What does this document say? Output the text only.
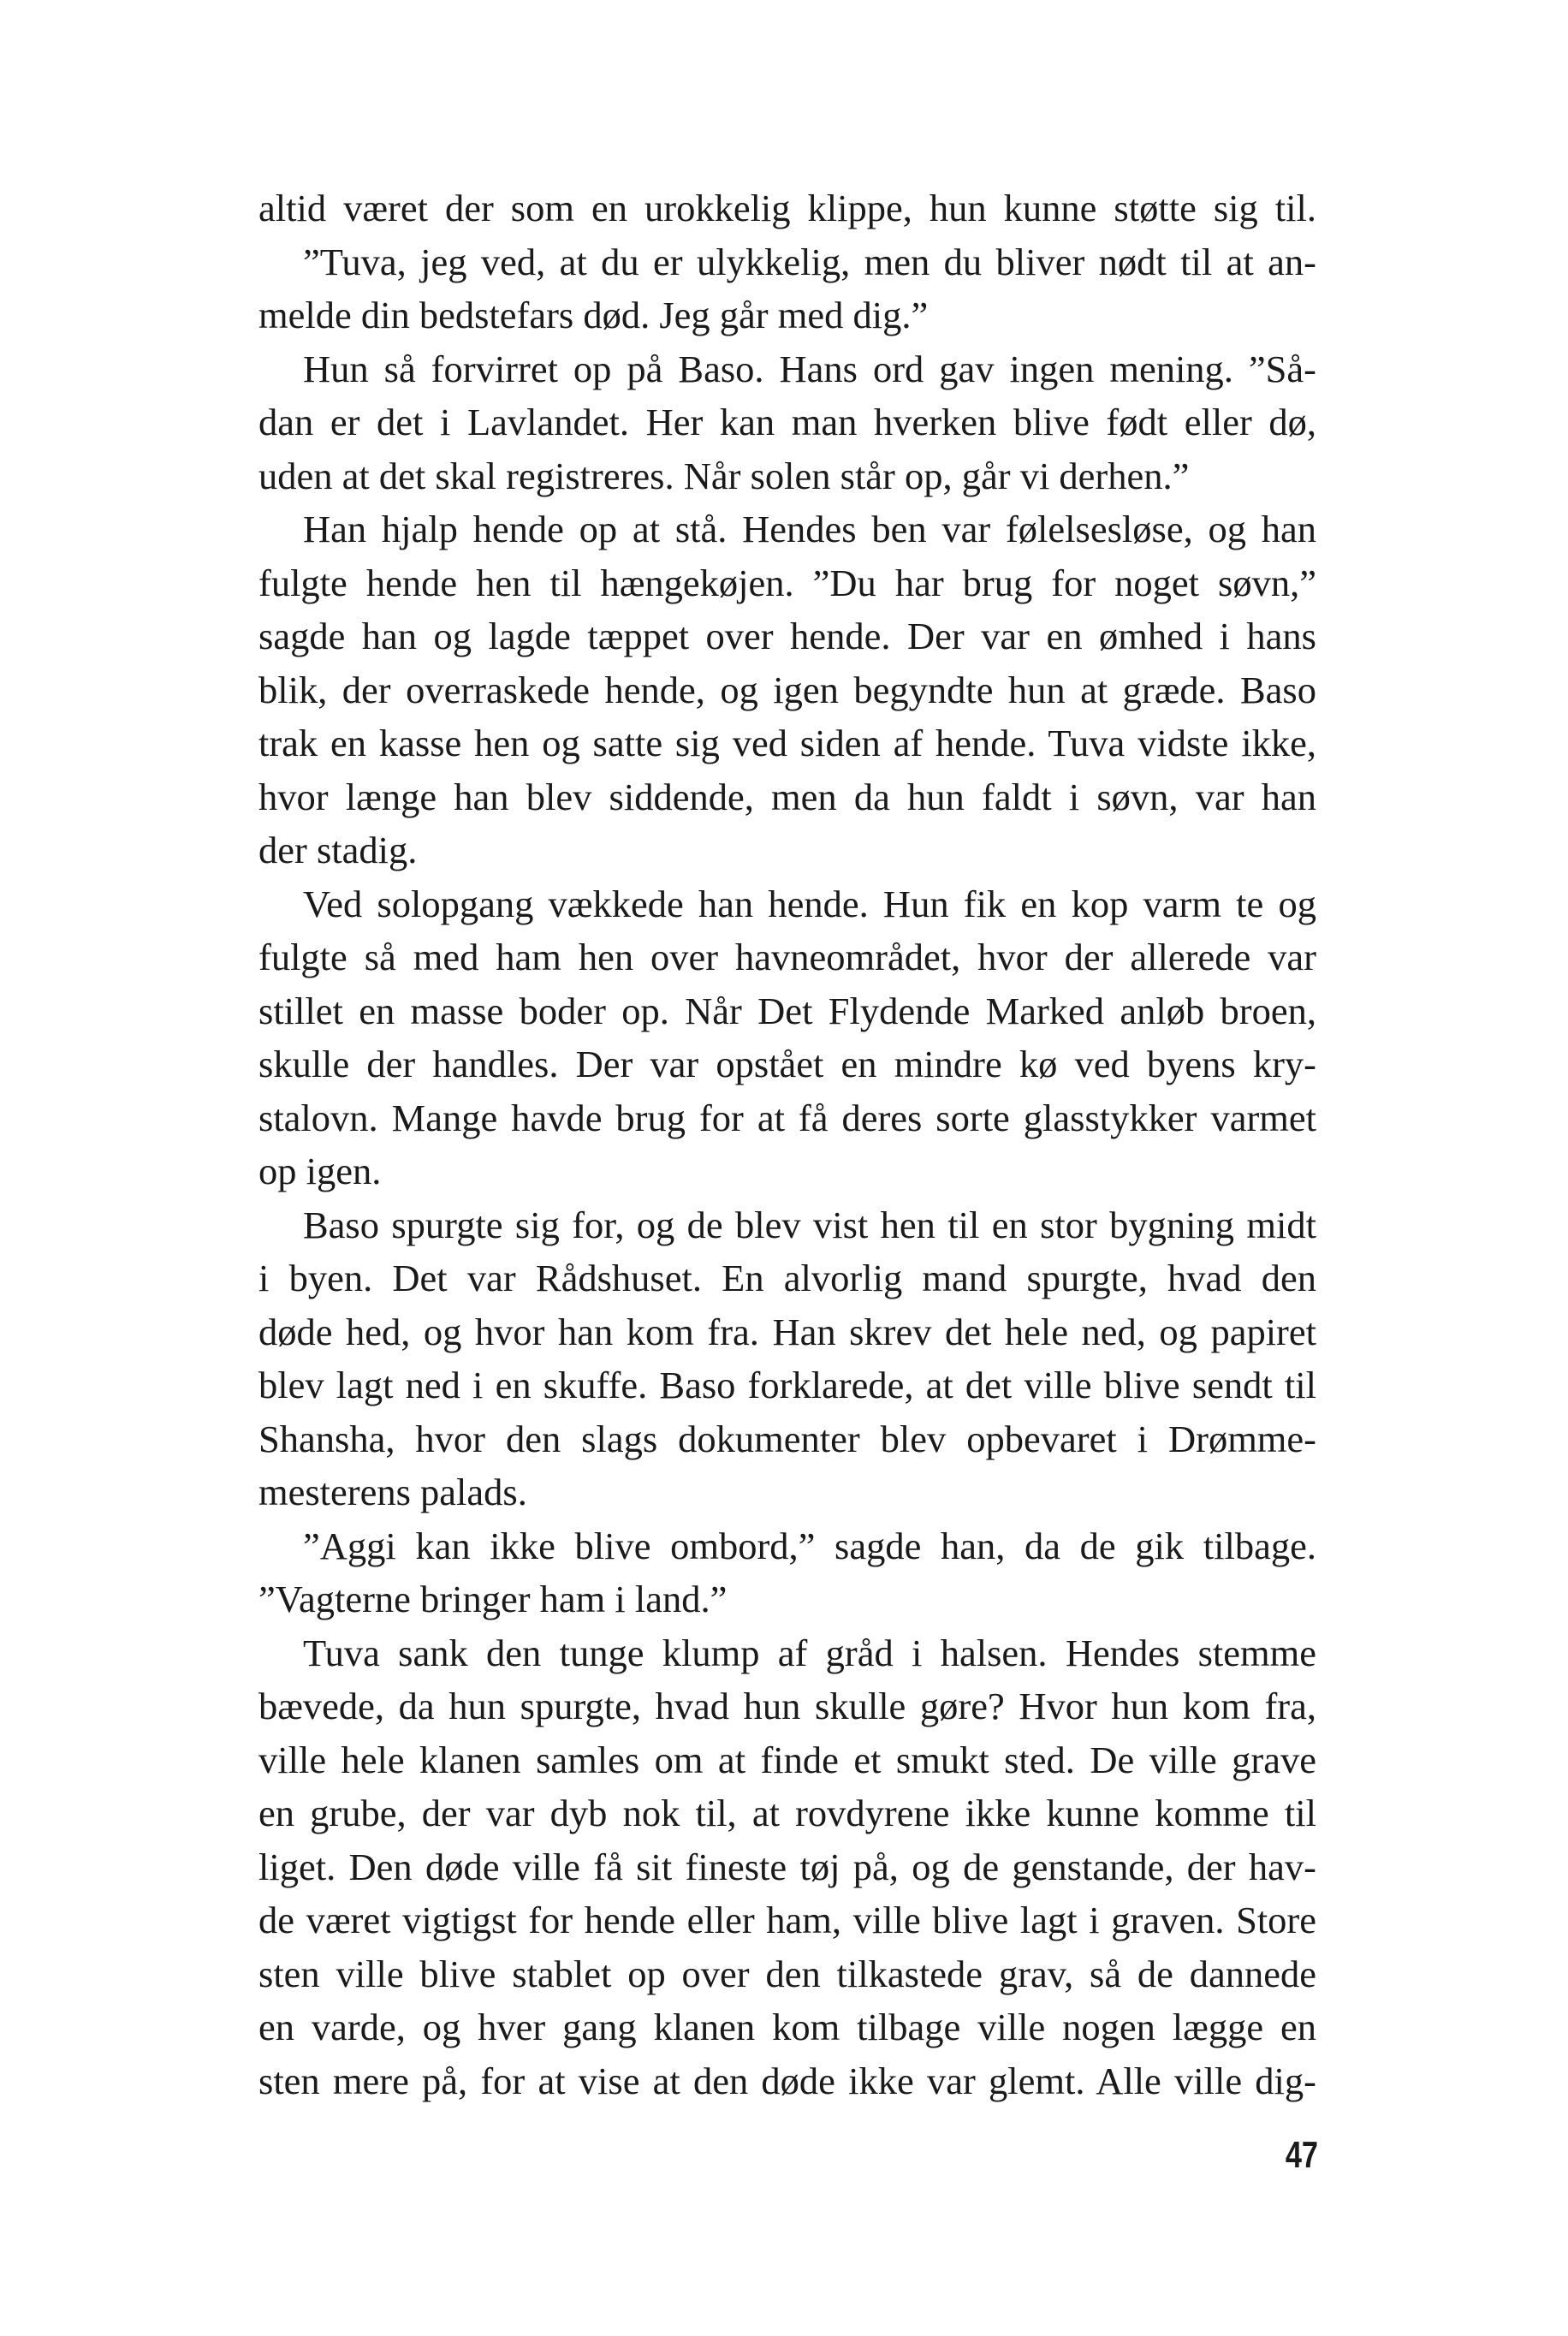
altid været der som en urokkelig klippe, hun kunne støtte sig til.
”Tuva, jeg ved, at du er ulykkelig, men du bliver nødt til at an-
melde din bedstefars død. Jeg går med dig.”
Hun så forvirret op på Baso. Hans ord gav ingen mening. ”Så-
dan er det i Lavlandet. Her kan man hverken blive født eller dø,
uden at det skal registreres. Når solen står op, går vi derhen.”
Han hjalp hende op at stå. Hendes ben var følelsesløse, og han
fulgte hende hen til hængekøjen. ”Du har brug for noget søvn,”
sagde han og lagde tæppet over hende. Der var en ømhed i hans
blik, der overraskede hende, og igen begyndte hun at græde. Baso
trak en kasse hen og satte sig ved siden af hende. Tuva vidste ikke,
hvor længe han blev siddende, men da hun faldt i søvn, var han
der stadig.
Ved solopgang vækkede han hende. Hun fik en kop varm te og
fulgte så med ham hen over havneområdet, hvor der allerede var
stillet en masse boder op. Når Det Flydende Marked anløb broen,
skulle der handles. Der var opstået en mindre kø ved byens kry-
stalovn. Mange havde brug for at få deres sorte glasstykker varmet
op igen.
Baso spurgte sig for, og de blev vist hen til en stor bygning midt
i byen. Det var Rådshuset. En alvorlig mand spurgte, hvad den
døde hed, og hvor han kom fra. Han skrev det hele ned, og papiret
blev lagt ned i en skuffe. Baso forklarede, at det ville blive sendt til
Shansha, hvor den slags dokumenter blev opbevaret i Drømme-
mesterens palads.
”Aggi kan ikke blive ombord,” sagde han, da de gik tilbage.
”Vagterne bringer ham i land.”
Tuva sank den tunge klump af gråd i halsen. Hendes stemme
bævede, da hun spurgte, hvad hun skulle gøre? Hvor hun kom fra,
ville hele klanen samles om at finde et smukt sted. De ville grave
en grube, der var dyb nok til, at rovdyrene ikke kunne komme til
liget. Den døde ville få sit fineste tøj på, og de genstande, der hav-
de været vigtigst for hende eller ham, ville blive lagt i graven. Store
sten ville blive stablet op over den tilkastede grav, så de dannede
en varde, og hver gang klanen kom tilbage ville nogen lægge en
sten mere på, for at vise at den døde ikke var glemt. Alle ville dig-
47
